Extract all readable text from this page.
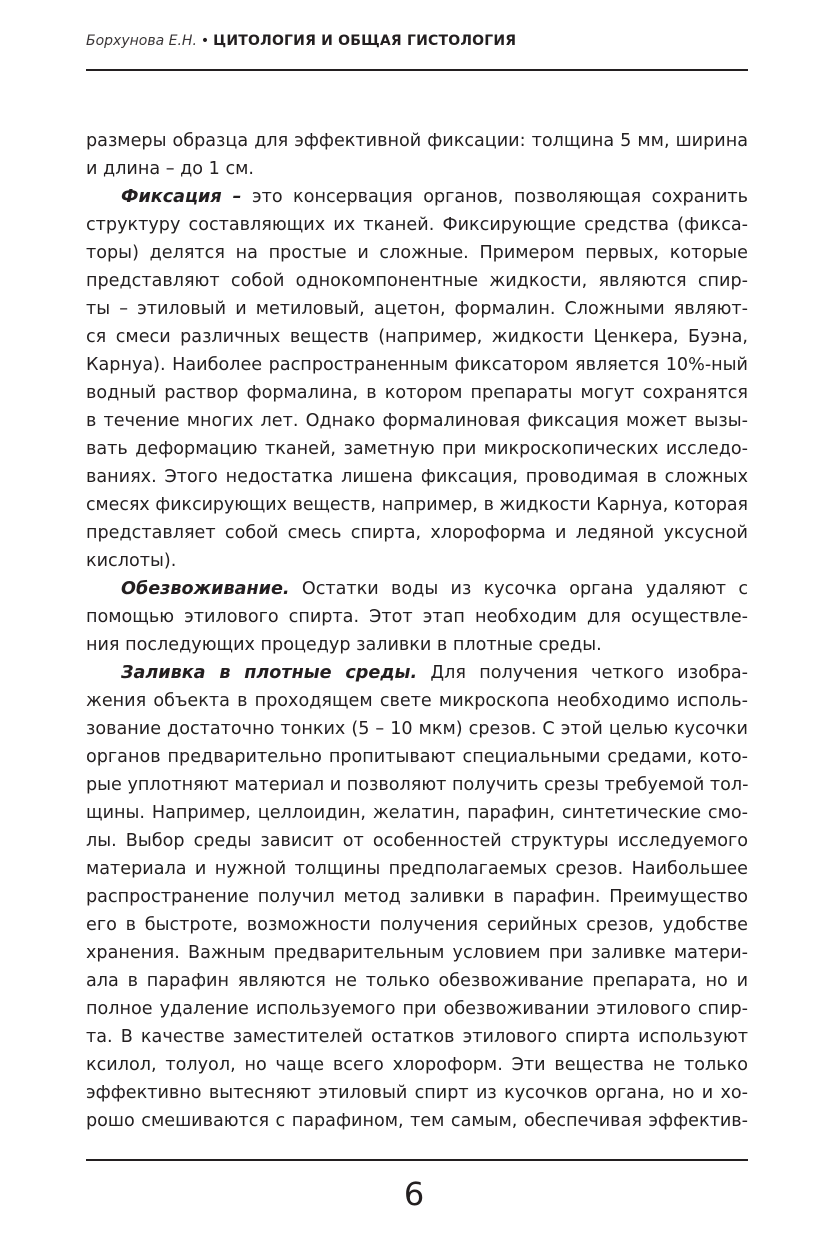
Борхунова Е.Н. • ЦИТОЛОГИЯ И ОБЩАЯ ГИСТОЛОГИЯ
размеры образца для эффективной фиксации: толщина 5 мм, ширина
и длина – до 1 см.
Фиксация – это консервация органов, позволяющая сохранить
структуру составляющих их тканей. Фиксирующие средства (фикса-
торы) делятся на простые и сложные. Примером первых, которые
представляют собой однокомпонентные жидкости, являются спир-
ты – этиловый и метиловый, ацетон, формалин. Сложными являют-
ся смеси различных веществ (например, жидкости Ценкера, Буэна,
Карнуа). Наиболее распространенным фиксатором является 10%-ный
водный раствор формалина, в котором препараты могут сохранятся
в течение многих лет. Однако формалиновая фиксация может вызы-
вать деформацию тканей, заметную при микроскопических исследо-
ваниях. Этого недостатка лишена фиксация, проводимая в сложных
смесях фиксирующих веществ, например, в жидкости Карнуа, которая
представляет собой смесь спирта, хлороформа и ледяной уксусной
кислоты).
Обезвоживание. Остатки воды из кусочка органа удаляют с
помощью этилового спирта. Этот этап необходим для осуществле-
ния последующих процедур заливки в плотные среды.
Заливка в плотные среды. Для получения четкого изобра-
жения объекта в проходящем свете микроскопа необходимо исполь-
зование достаточно тонких (5 – 10 мкм) срезов. С этой целью кусочки
органов предварительно пропитывают специальными средами, кото-
рые уплотняют материал и позволяют получить срезы требуемой тол-
щины. Например, целлоидин, желатин, парафин, синтетические смо-
лы. Выбор среды зависит от особенностей структуры исследуемого
материала и нужной толщины предполагаемых срезов. Наибольшее
распространение получил метод заливки в парафин. Преимущество
его в быстроте, возможности получения серийных срезов, удобстве
хранения. Важным предварительным условием при заливке матери-
ала в парафин являются не только обезвоживание препарата, но и
полное удаление используемого при обезвоживании этилового спир-
та. В качестве заместителей остатков этилового спирта используют
ксилол, толуол, но чаще всего хлороформ. Эти вещества не только
эффективно вытесняют этиловый спирт из кусочков органа, но и хо-
рошо смешиваются с парафином, тем самым, обеспечивая эффектив-
6
